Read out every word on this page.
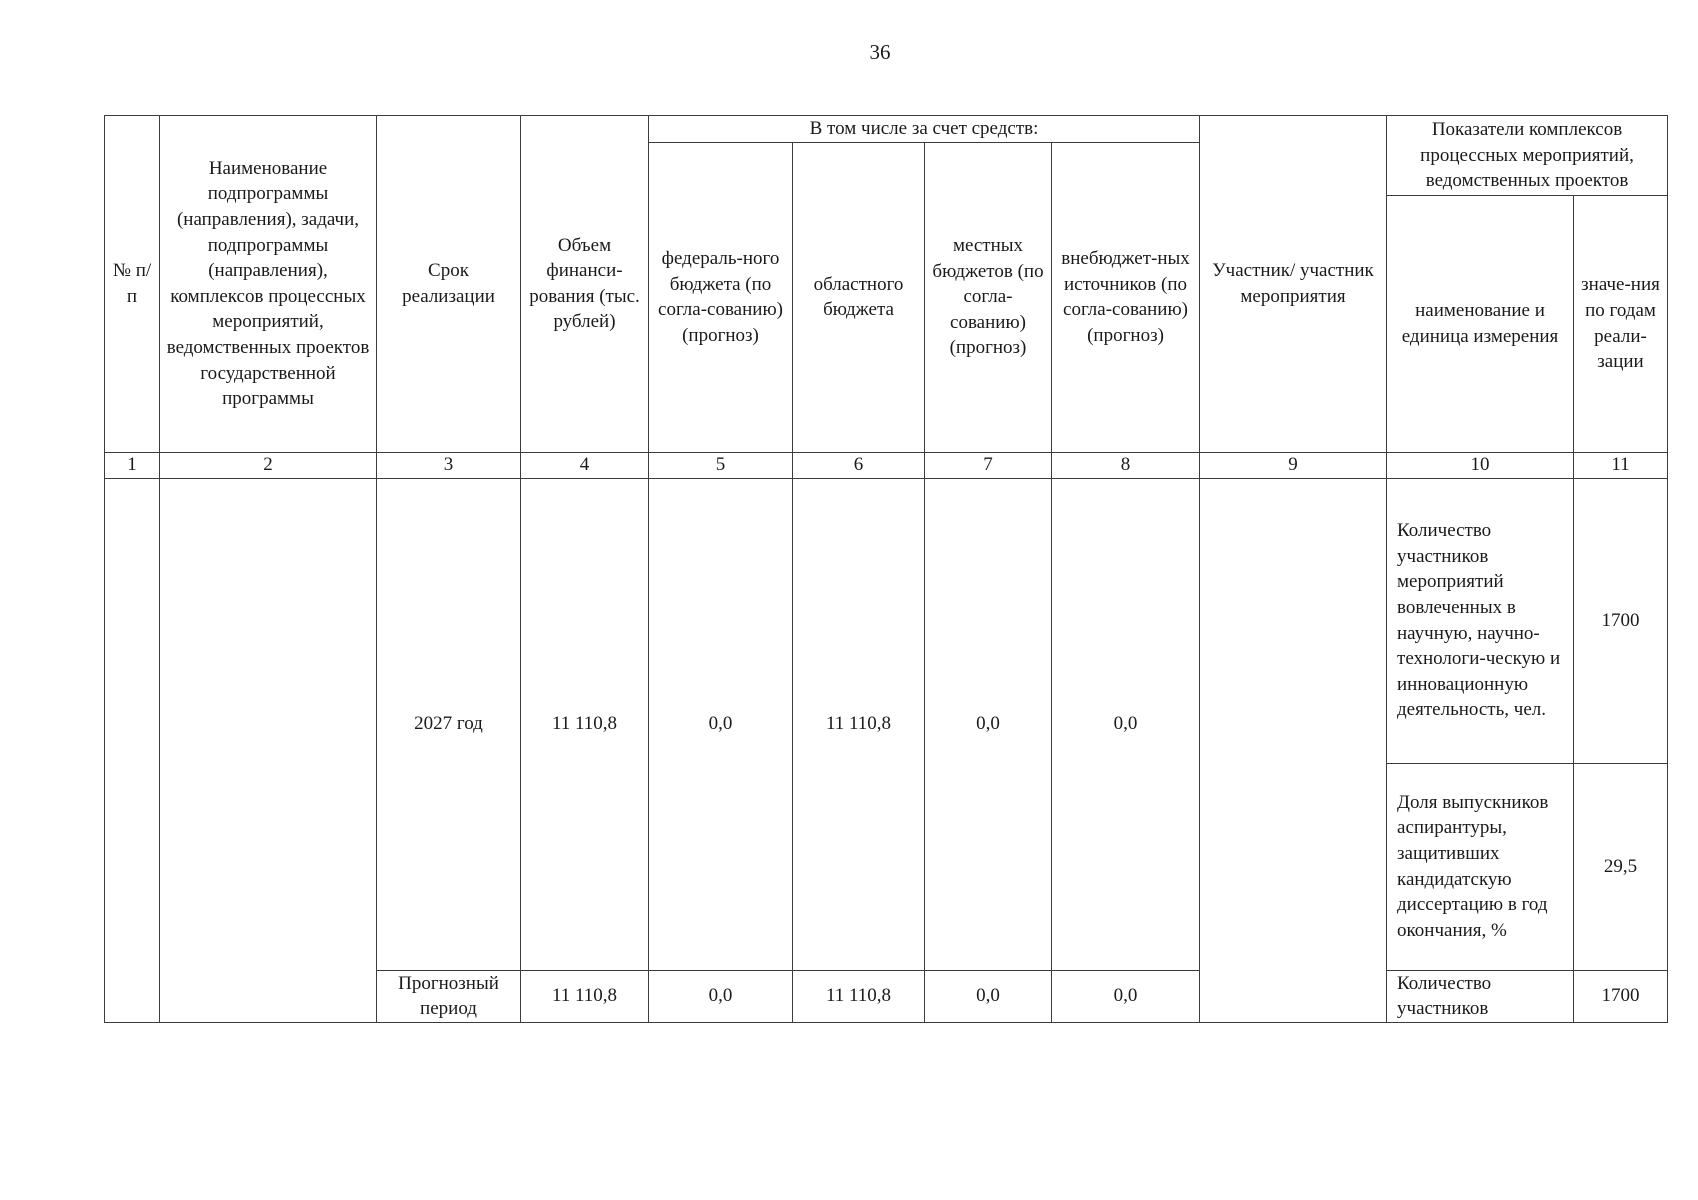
36
№ п/п	Наименование подпрограммы (направления), задачи, подпрограммы (направления), комплексов процессных мероприятий, ведомственных проектов государственной программы	Срок реализации	Объем финанси-рования (тыс. рублей)	В том числе за счет средств:				Участник/ участник мероприятия	Показатели комплексов процессных мероприятий, ведомственных проектов	
				федераль-ного бюджета (по согла-сованию) (прогноз)	областного бюджета	местных бюджетов (по согла-сованию) (прогноз)	внебюджет-ных источников (по согла-сованию) (прогноз)			
									наименование и единица измерения	значе-ния по годам реали-зации
1	2	3	4	5	6	7	8	9	10	11
		2027 год	11 110,8	0,0	11 110,8	0,0	0,0		Количество участников мероприятий вовлеченных в научную, научно-технологи-ческую и инновационную деятельность, чел.	1700
									Доля выпускников аспирантуры, защитивших кандидатскую диссертацию в год окончания, %	29,5
		Прогнозный период	11 110,8	0,0	11 110,8	0,0	0,0		Количество участников	1700
